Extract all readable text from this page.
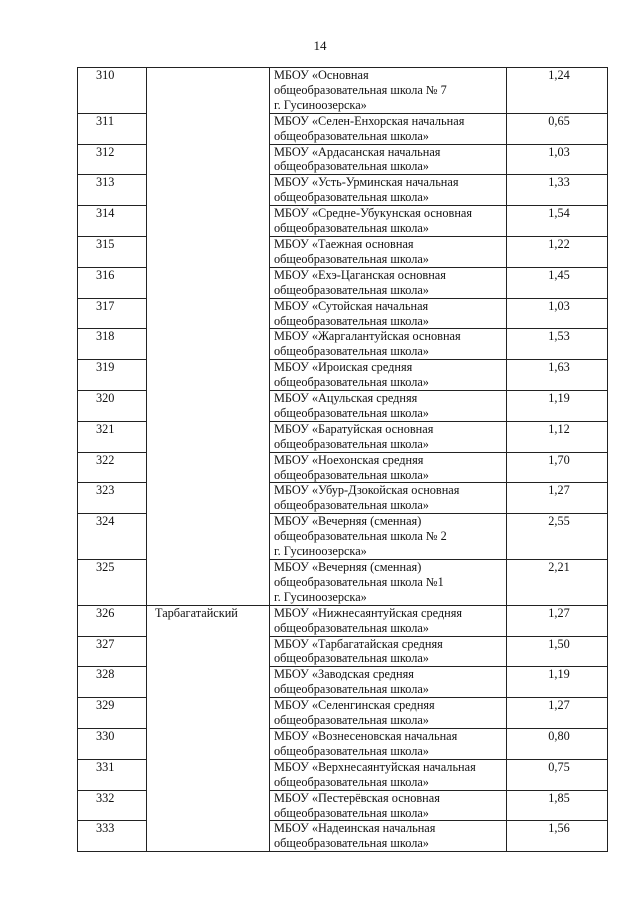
14
310		МБОУ «Основная
общеобразовательная школа № 7
г. Гусиноозерска»	1,24
311		МБОУ «Селен-Енхорская начальная
общеобразовательная школа»	0,65
312		МБОУ «Ардасанская начальная
общеобразовательная школа»	1,03
313		МБОУ «Усть-Урминская начальная
общеобразовательная школа»	1,33
314		МБОУ «Средне-Убукунская основная
общеобразовательная школа»	1,54
315		МБОУ «Таежная основная
общеобразовательная школа»	1,22
316		МБОУ «Ехэ-Цаганская основная
общеобразовательная школа»	1,45
317		МБОУ «Сутойская начальная
общеобразовательная школа»	1,03
318		МБОУ «Жаргалантуйская основная
общеобразовательная школа»	1,53
319		МБОУ «Ироиская средняя
общеобразовательная школа»	1,63
320		МБОУ «Ацульская средняя
общеобразовательная школа»	1,19
321		МБОУ «Баратуйская основная
общеобразовательная школа»	1,12
322		МБОУ «Ноехонская средняя
общеобразовательная школа»	1,70
323		МБОУ «Убур-Дзокойская основная
общеобразовательная школа»	1,27
324		МБОУ «Вечерняя (сменная)
общеобразовательная школа № 2
г. Гусиноозерска»	2,55
325		МБОУ «Вечерняя (сменная)
общеобразовательная школа №1
г. Гусиноозерска»	2,21
326	Тарбагатайский	МБОУ «Нижнесаянтуйская средняя
общеобразовательная школа»	1,27
327		МБОУ «Тарбагатайская средняя
общеобразовательная школа»	1,50
328		МБОУ «Заводская средняя
общеобразовательная школа»	1,19
329		МБОУ «Селенгинская средняя
общеобразовательная школа»	1,27
330		МБОУ «Вознесеновская начальная
общеобразовательная школа»	0,80
331		МБОУ «Верхнесаянтуйская начальная
общеобразовательная школа»	0,75
332		МБОУ «Пестерёвская основная
общеобразовательная школа»	1,85
333		МБОУ «Надеинская начальная
общеобразовательная школа»	1,56
